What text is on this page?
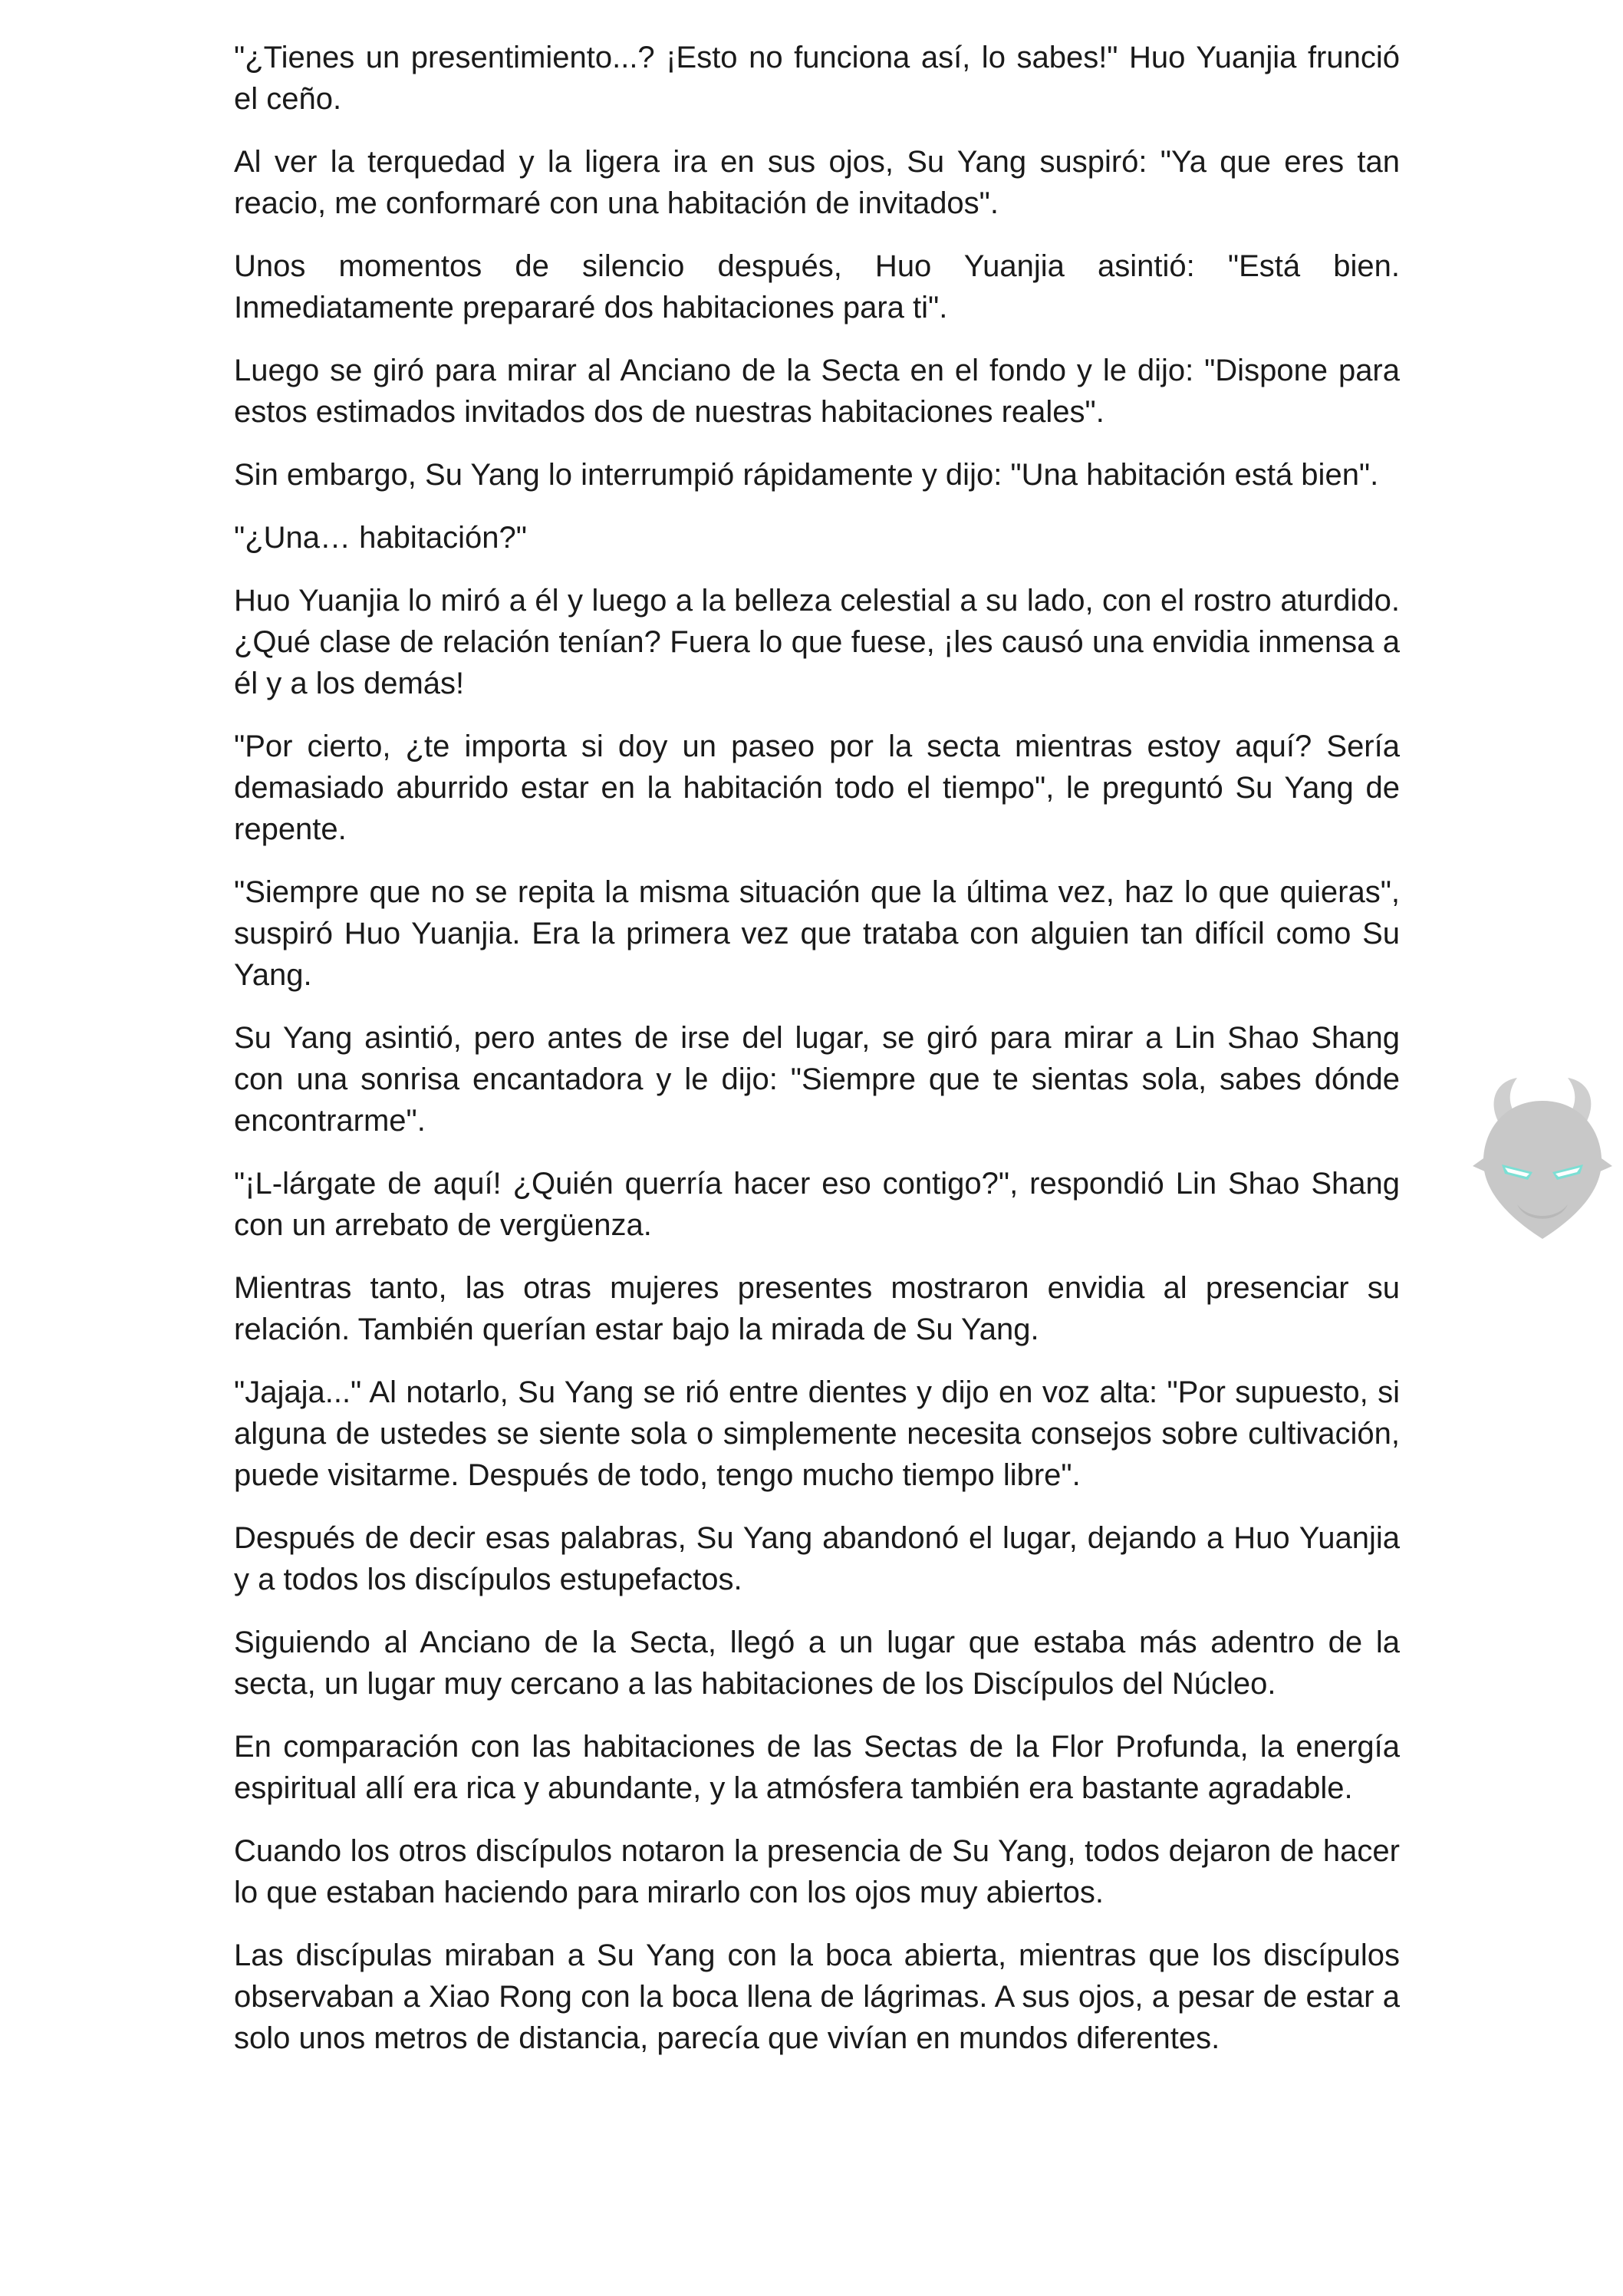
"¿Tienes un presentimiento...? ¡Esto no funciona así, lo sabes!" Huo Yuanjia frunció el ceño.

Al ver la terquedad y la ligera ira en sus ojos, Su Yang suspiró: "Ya que eres tan reacio, me conformaré con una habitación de invitados".

Unos momentos de silencio después, Huo Yuanjia asintió: "Está bien. Inmediatamente prepararé dos habitaciones para ti".

Luego se giró para mirar al Anciano de la Secta en el fondo y le dijo: "Dispone para estos estimados invitados dos de nuestras habitaciones reales".

Sin embargo, Su Yang lo interrumpió rápidamente y dijo: "Una habitación está bien".

"¿Una… habitación?"

Huo Yuanjia lo miró a él y luego a la belleza celestial a su lado, con el rostro aturdido. ¿Qué clase de relación tenían? Fuera lo que fuese, ¡les causó una envidia inmensa a él y a los demás!

"Por cierto, ¿te importa si doy un paseo por la secta mientras estoy aquí? Sería demasiado aburrido estar en la habitación todo el tiempo", le preguntó Su Yang de repente.

"Siempre que no se repita la misma situación que la última vez, haz lo que quieras", suspiró Huo Yuanjia. Era la primera vez que trataba con alguien tan difícil como Su Yang.

Su Yang asintió, pero antes de irse del lugar, se giró para mirar a Lin Shao Shang con una sonrisa encantadora y le dijo: "Siempre que te sientas sola, sabes dónde encontrarme".

"¡L-lárgate de aquí! ¿Quién querría hacer eso contigo?", respondió Lin Shao Shang con un arrebato de vergüenza.

Mientras tanto, las otras mujeres presentes mostraron envidia al presenciar su relación. También querían estar bajo la mirada de Su Yang.

"Jajaja..." Al notarlo, Su Yang se rió entre dientes y dijo en voz alta: "Por supuesto, si alguna de ustedes se siente sola o simplemente necesita consejos sobre cultivación, puede visitarme. Después de todo, tengo mucho tiempo libre".

Después de decir esas palabras, Su Yang abandonó el lugar, dejando a Huo Yuanjia y a todos los discípulos estupefactos.

Siguiendo al Anciano de la Secta, llegó a un lugar que estaba más adentro de la secta, un lugar muy cercano a las habitaciones de los Discípulos del Núcleo.

En comparación con las habitaciones de las Sectas de la Flor Profunda, la energía espiritual allí era rica y abundante, y la atmósfera también era bastante agradable.

Cuando los otros discípulos notaron la presencia de Su Yang, todos dejaron de hacer lo que estaban haciendo para mirarlo con los ojos muy abiertos.

Las discípulas miraban a Su Yang con la boca abierta, mientras que los discípulos observaban a Xiao Rong con la boca llena de lágrimas. A sus ojos, a pesar de estar a solo unos metros de distancia, parecía que vivían en mundos diferentes.
